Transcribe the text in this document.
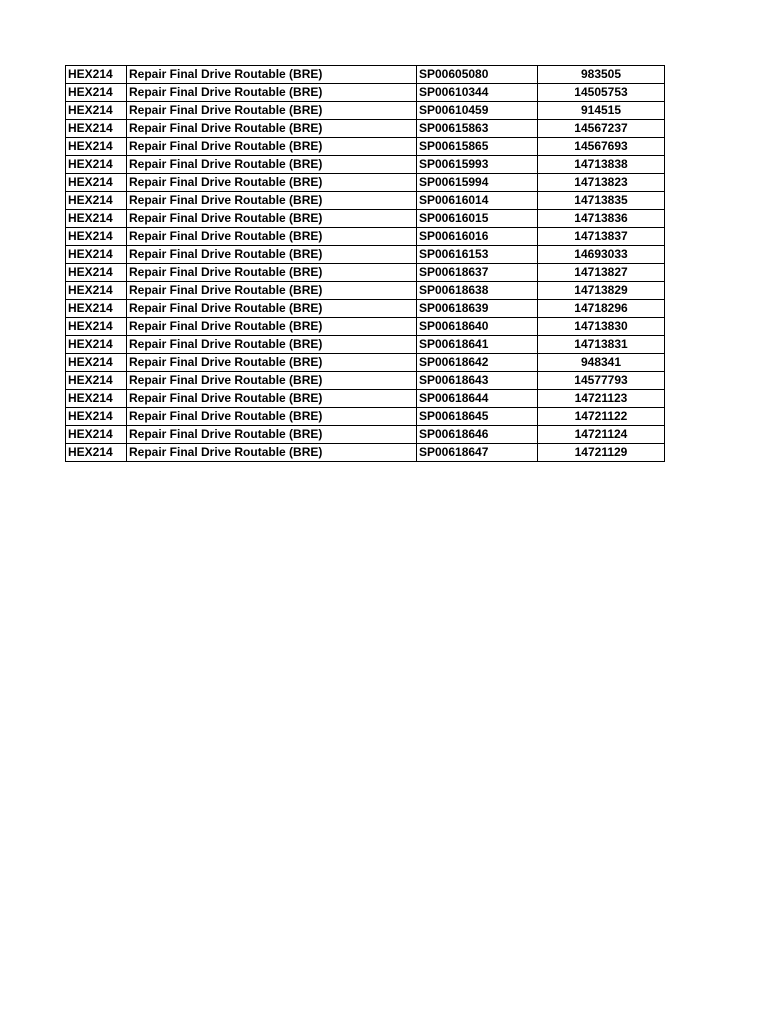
HEX214	Repair Final Drive Routable (BRE)	SP00605080	983505
HEX214	Repair Final Drive Routable (BRE)	SP00610344	14505753
HEX214	Repair Final Drive Routable (BRE)	SP00610459	914515
HEX214	Repair Final Drive Routable (BRE)	SP00615863	14567237
HEX214	Repair Final Drive Routable (BRE)	SP00615865	14567693
HEX214	Repair Final Drive Routable (BRE)	SP00615993	14713838
HEX214	Repair Final Drive Routable (BRE)	SP00615994	14713823
HEX214	Repair Final Drive Routable (BRE)	SP00616014	14713835
HEX214	Repair Final Drive Routable (BRE)	SP00616015	14713836
HEX214	Repair Final Drive Routable (BRE)	SP00616016	14713837
HEX214	Repair Final Drive Routable (BRE)	SP00616153	14693033
HEX214	Repair Final Drive Routable (BRE)	SP00618637	14713827
HEX214	Repair Final Drive Routable (BRE)	SP00618638	14713829
HEX214	Repair Final Drive Routable (BRE)	SP00618639	14718296
HEX214	Repair Final Drive Routable (BRE)	SP00618640	14713830
HEX214	Repair Final Drive Routable (BRE)	SP00618641	14713831
HEX214	Repair Final Drive Routable (BRE)	SP00618642	948341
HEX214	Repair Final Drive Routable (BRE)	SP00618643	14577793
HEX214	Repair Final Drive Routable (BRE)	SP00618644	14721123
HEX214	Repair Final Drive Routable (BRE)	SP00618645	14721122
HEX214	Repair Final Drive Routable (BRE)	SP00618646	14721124
HEX214	Repair Final Drive Routable (BRE)	SP00618647	14721129
